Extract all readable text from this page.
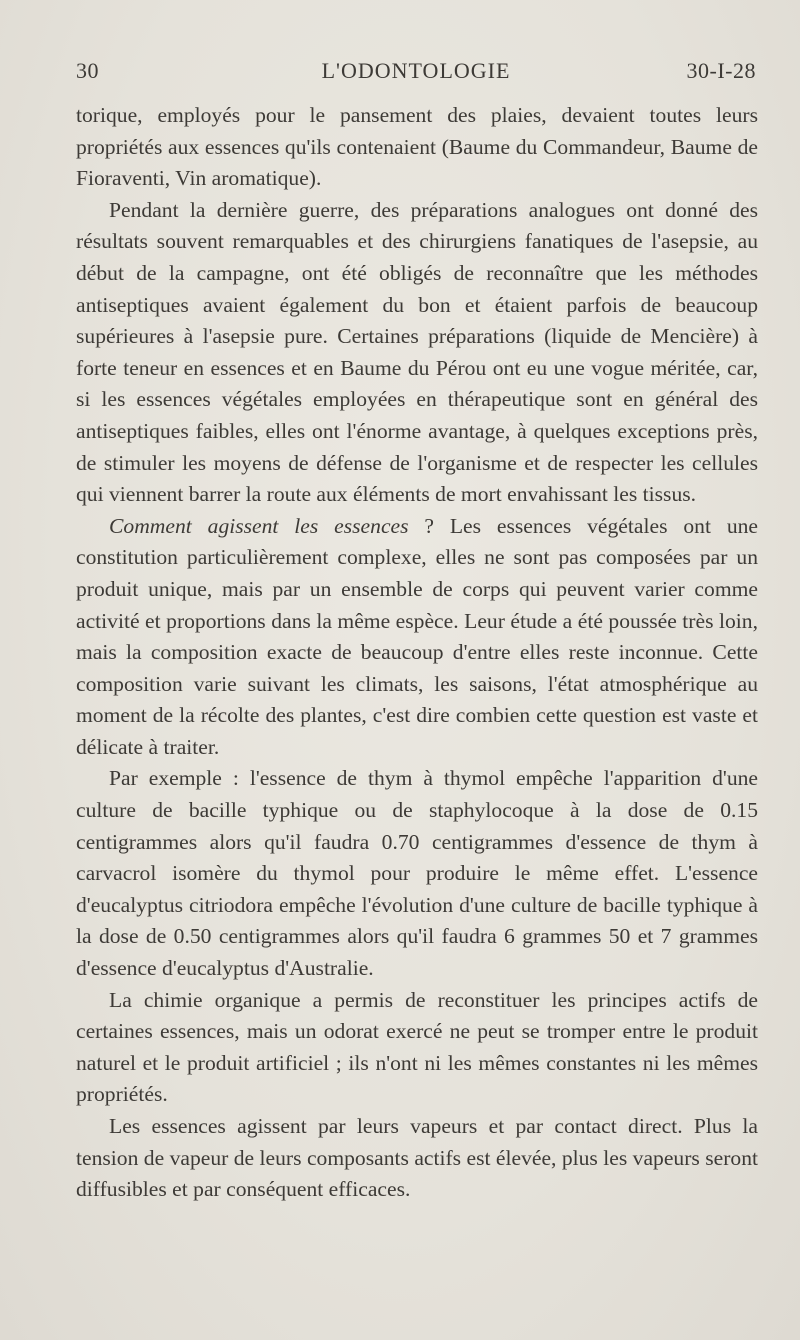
30	L'ODONTOLOGIE	30-I-28

torique, employés pour le pansement des plaies, devaient toutes leurs propriétés aux essences qu'ils contenaient (Baume du Commandeur, Baume de Fioraventi, Vin aromatique).

Pendant la dernière guerre, des préparations analogues ont donné des résultats souvent remarquables et des chirurgiens fanatiques de l'asepsie, au début de la campagne, ont été obligés de reconnaître que les méthodes antiseptiques avaient également du bon et étaient parfois de beaucoup supérieures à l'asepsie pure. Certaines préparations (liquide de Mencière) à forte teneur en essences et en Baume du Pérou ont eu une vogue méritée, car, si les essences végétales employées en thérapeutique sont en général des antiseptiques faibles, elles ont l'énorme avantage, à quelques exceptions près, de stimuler les moyens de défense de l'organisme et de respecter les cellules qui viennent barrer la route aux éléments de mort envahissant les tissus.

Comment agissent les essences ? Les essences végétales ont une constitution particulièrement complexe, elles ne sont pas composées par un produit unique, mais par un ensemble de corps qui peuvent varier comme activité et proportions dans la même espèce. Leur étude a été poussée très loin, mais la composition exacte de beaucoup d'entre elles reste inconnue. Cette composition varie suivant les climats, les saisons, l'état atmosphérique au moment de la récolte des plantes, c'est dire combien cette question est vaste et délicate à traiter.

Par exemple : l'essence de thym à thymol empêche l'apparition d'une culture de bacille typhique ou de staphylocoque à la dose de 0.15 centigrammes alors qu'il faudra 0.70 centigrammes d'essence de thym à carvacrol isomère du thymol pour produire le même effet. L'essence d'eucalyptus citriodora empêche l'évolution d'une culture de bacille typhique à la dose de 0.50 centigrammes alors qu'il faudra 6 grammes 50 et 7 grammes d'essence d'eucalyptus d'Australie.

La chimie organique a permis de reconstituer les principes actifs de certaines essences, mais un odorat exercé ne peut se tromper entre le produit naturel et le produit artificiel ; ils n'ont ni les mêmes constantes ni les mêmes propriétés.

Les essences agissent par leurs vapeurs et par contact direct. Plus la tension de vapeur de leurs composants actifs est élevée, plus les vapeurs seront diffusibles et par conséquent efficaces.
